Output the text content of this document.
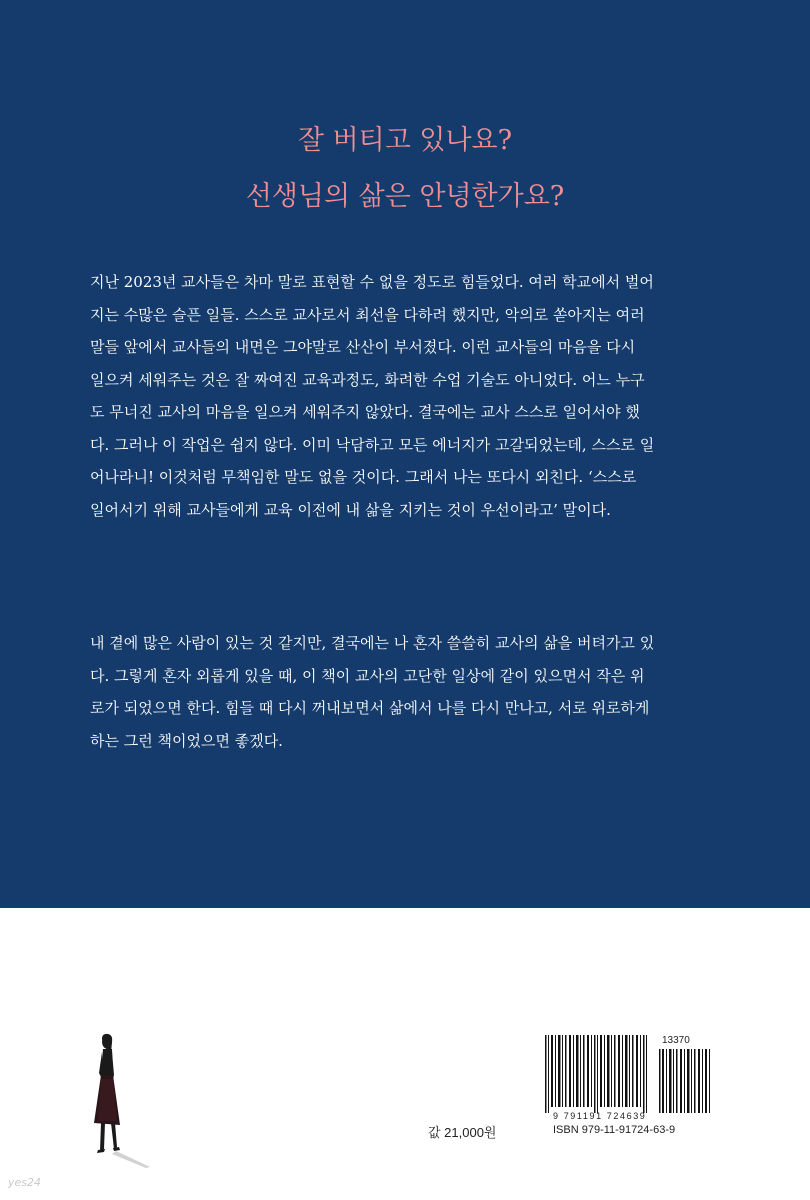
잘 버티고 있나요?
선생님의 삶은 안녕한가요?
지난 2023년 교사들은 차마 말로 표현할 수 없을 정도로 힘들었다. 여러 학교에서 벌어
지는 수많은 슬픈 일들. 스스로 교사로서 최선을 다하려 했지만, 악의로 쏟아지는 여러
말들 앞에서 교사들의 내면은 그야말로 산산이 부서졌다. 이런 교사들의 마음을 다시
일으켜 세워주는 것은 잘 짜여진 교육과정도, 화려한 수업 기술도 아니었다. 어느 누구
도 무너진 교사의 마음을 일으켜 세워주지 않았다. 결국에는 교사 스스로 일어서야 했
다. 그러나 이 작업은 쉽지 않다. 이미 낙담하고 모든 에너지가 고갈되었는데, 스스로 일
어나라니! 이것처럼 무책임한 말도 없을 것이다. 그래서 나는 또다시 외친다. ‘스스로
일어서기 위해 교사들에게 교육 이전에 내 삶을 지키는 것이 우선이라고’ 말이다.
내 곁에 많은 사람이 있는 것 같지만, 결국에는 나 혼자 쓸쓸히 교사의 삶을 버텨가고 있
다. 그렇게 혼자 외롭게 있을 때, 이 책이 교사의 고단한 일상에 같이 있으면서 작은 위
로가 되었으면 한다. 힘들 때 다시 꺼내보면서 삶에서 나를 다시 만나고, 서로 위로하게
하는 그런 책이었으면 좋겠다.
값 21,000원
13370
9 791191 724639
ISBN 979-11-91724-63-9
yes24
